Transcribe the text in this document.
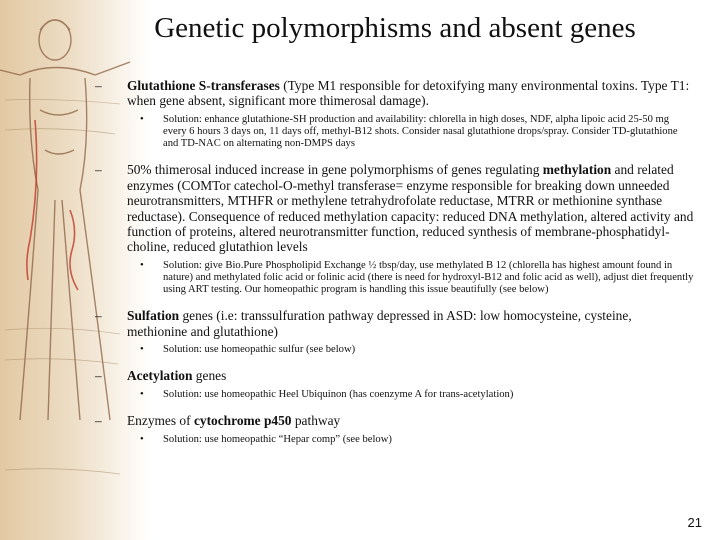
Genetic polymorphisms and absent genes
–	Glutathione S-transferases (Type M1 responsible for detoxifying many environmental toxins. Type T1: when gene absent, significant more thimerosal damage).
• Solution: enhance glutathione-SH production and availability: chlorella in high doses, NDF, alpha lipoic acid 25-50 mg every 6 hours 3 days on, 11 days off, methyl-B12 shots. Consider nasal glutathione drops/spray. Consider TD-glutathione and TD-NAC on alternating non-DMPS days
–	50% thimerosal induced increase in gene polymorphisms of genes regulating methylation and related enzymes (COMTor catechol-O-methyl transferase= enzyme responsible for breaking down unneeded neurotransmitters, MTHFR or methylene tetrahydrofolate reductase, MTRR or methionine synthase reductase). Consequence of reduced methylation capacity: reduced DNA methylation, altered activity and function of proteins, altered neurotransmitter function, reduced synthesis of membrane-phosphatidyl-choline, reduced glutathion levels
• Solution: give Bio.Pure Phospholipid Exchange ½ tbsp/day, use methylated B 12 (chlorella has highest amount found in nature) and methylated folic acid or folinic acid (there is need for hydroxyl-B12 and folic acid as well), adjust diet frequently using ART testing. Our homeopathic program is handling this issue beautifully (see below)
–	Sulfation genes (i.e: transsulfuration pathway depressed in ASD: low homocysteine, cysteine, methionine and glutathione)
• Solution: use homeopathic sulfur (see below)
–	Acetylation genes
• Solution: use homeopathic Heel Ubiquinon (has coenzyme A for trans-acetylation)
–	Enzymes of cytochrome p450 pathway
• Solution: use homeopathic “Hepar comp” (see below)
21
